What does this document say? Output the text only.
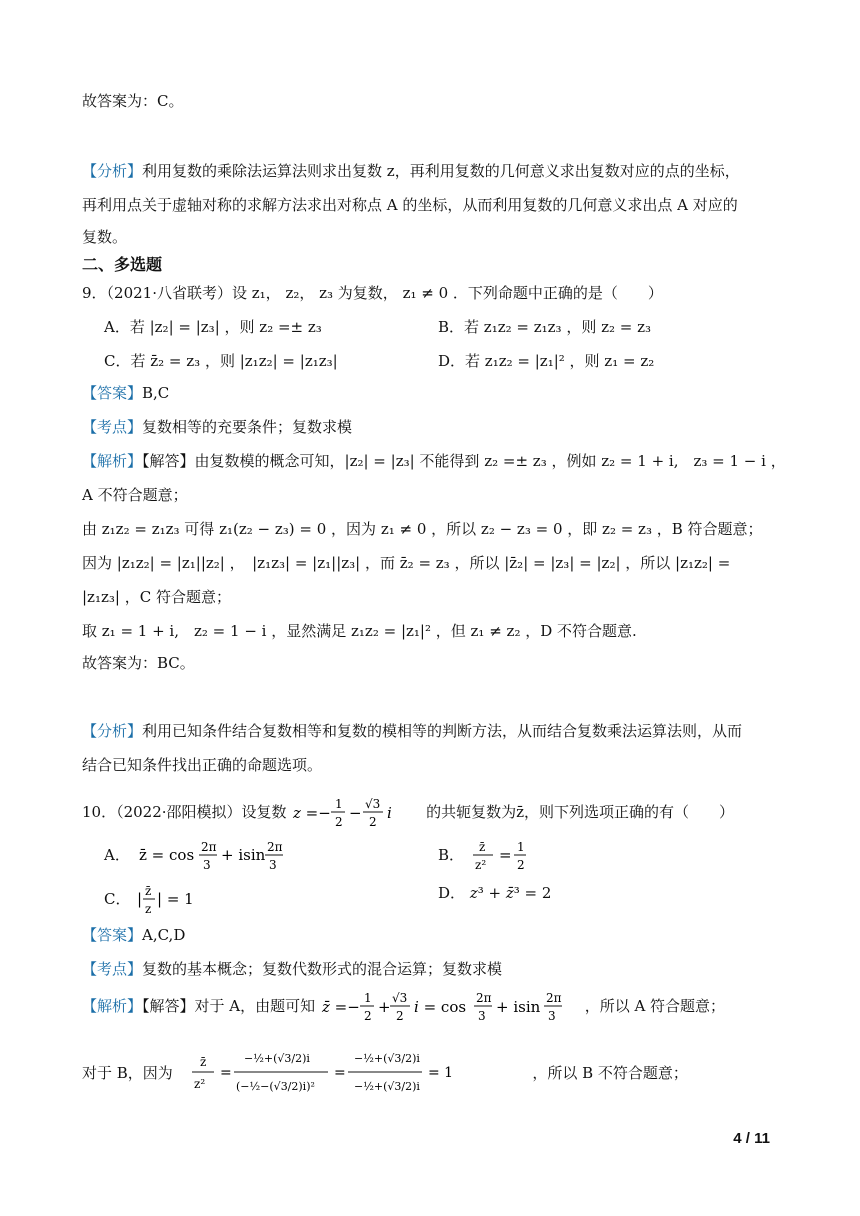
故答案为：C。
【分析】利用复数的乘除法运算法则求出复数 z，再利用复数的几何意义求出复数对应的点的坐标，
再利用点关于虚轴对称的求解方法求出对称点 A 的坐标，从而利用复数的几何意义求出点 A 对应的
复数。
二、多选题
9．（2021·八省联考）设 z₁， z₂， z₃ 为复数， z₁ ≠ 0 ．下列命题中正确的是（　　）
A．若 |z₂| = |z₃| ，则 z₂ =± z₃	B．若 z₁z₂ = z₁z₃ ，则 z₂ = z₃
C．若 z̄₂ = z₃ ，则 |z₁z₂| = |z₁z₃|	D．若 z₁z₂ = |z₁|² ，则 z₁ = z₂
【答案】B,C
【考点】复数相等的充要条件；复数求模
【解析】【解答】由复数模的概念可知，|z₂| = |z₃| 不能得到 z₂ =± z₃ ，例如 z₂ = 1 + i,　z₃ = 1 − i ，
A 不符合题意；
由 z₁z₂ = z₁z₃ 可得 z₁(z₂ − z₃) = 0 ，因为 z₁ ≠ 0 ，所以 z₂ − z₃ = 0 ，即 z₂ = z₃ ，B 符合题意；
因为 |z₁z₂| = |z₁||z₂| ，　|z₁z₃| = |z₁||z₃| ，而 z̄₂ = z₃ ，所以 |z̄₂| = |z₃| = |z₂| ，所以 |z₁z₂| =
|z₁z₃| ，C 符合题意；
取 z₁ = 1 + i,　z₂ = 1 − i ，显然满足 z₁z₂ = |z₁|² ，但 z₁ ≠ z₂ ，D 不符合题意.
故答案为：BC。
【分析】利用已知条件结合复数相等和复数的模相等的判断方法，从而结合复数乘法运算法则，从而
结合已知条件找出正确的命题选项。
10．（2022·邵阳模拟）设复数 z =− 1
2 − √3
2 i 的共轭复数为z̄，则下列选项正确的有（　　）
A． z̄ = cos 2π
3
+ isin 2π
3
B． z̄
z²
= 1
2
C． | z̄
z
| = 1	D． z³ + z̄³ = 2
【答案】A,C,D
【考点】复数的基本概念；复数代数形式的混合运算；复数求模
【解析】【解答】对于 A，由题可知 z̄ =− 1
2 + √3
2 i = cos 2π
3 + isin 2π
3
，所以 A 符合题意；
对于 B，因为
z̄
z²
=
−½+(√3/2)i
(−½−(√3/2)i)²
=
−½+(√3/2)i
−½+(√3/2)i
= 1	，所以 B 不符合题意；
4 / 11
